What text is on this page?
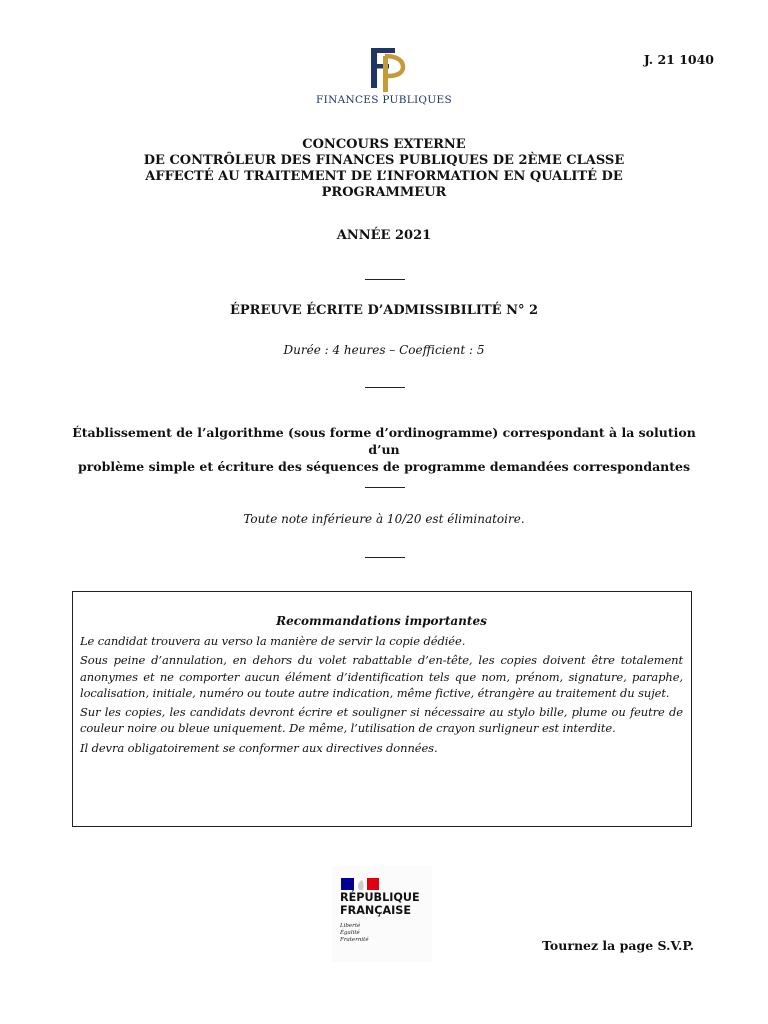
J. 21 1040
FINANCES PUBLIQUES
CONCOURS EXTERNE
DE CONTRÔLEUR DES FINANCES PUBLIQUES DE 2ÈME CLASSE
AFFECTÉ AU TRAITEMENT DE L’INFORMATION EN QUALITÉ DE
PROGRAMMEUR
ANNÉE 2021
ÉPREUVE ÉCRITE D’ADMISSIBILITÉ N° 2
Durée : 4 heures – Coefficient : 5
Établissement de l’algorithme (sous forme d’ordinogramme) correspondant à la solution d’un
problème simple et écriture des séquences de programme demandées correspondantes
Toute note inférieure à 10/20 est éliminatoire.
Recommandations importantes

Le candidat trouvera au verso la manière de servir la copie dédiée.

Sous peine d’annulation, en dehors du volet rabattable d’en-tête, les copies doivent être totalement anonymes et ne comporter aucun élément d’identification tels que nom, prénom, signature, paraphe, localisation, initiale, numéro ou toute autre indication, même fictive, étrangère au traitement du sujet.

Sur les copies, les candidats devront écrire et souligner si nécessaire au stylo bille, plume ou feutre de couleur noire ou bleue uniquement. De même, l’utilisation de crayon surligneur est interdite.

Il devra obligatoirement se conformer aux directives données.

RÉPUBLIQUE
FRANÇAISE
Liberté
Égalité
Fraternité	Tournez la page S.V.P.
